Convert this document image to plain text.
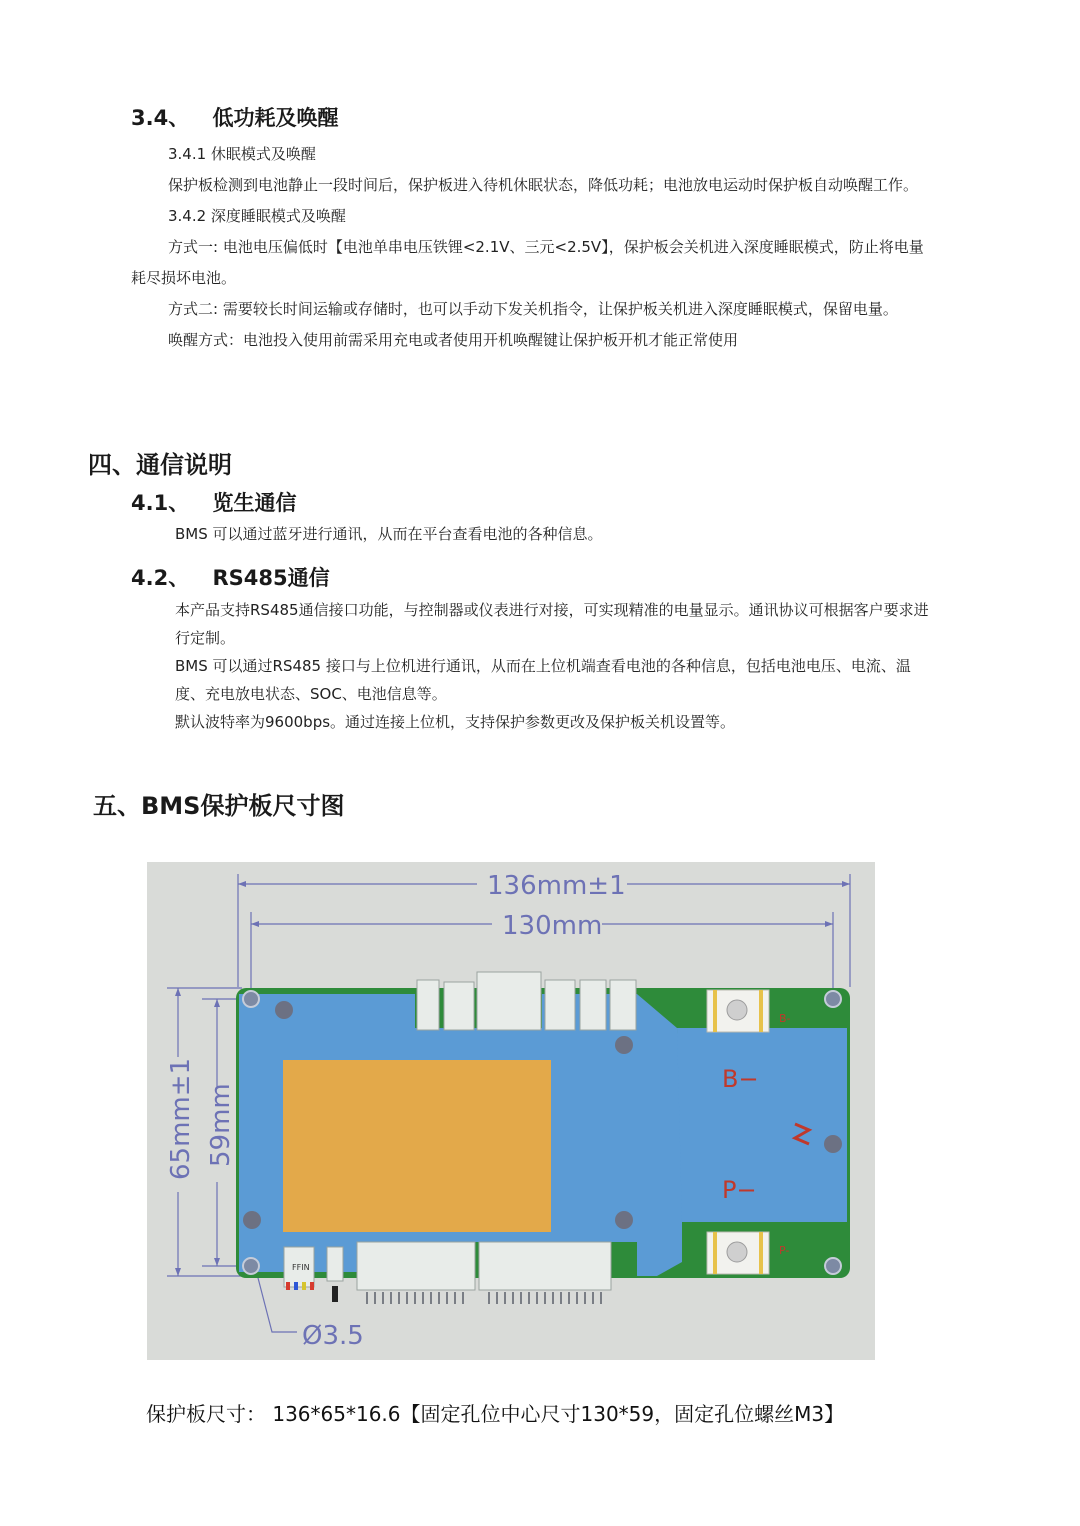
3.4、 低功耗及唤醒
3.4.1 休眠模式及唤醒
保护板检测到电池静止一段时间后，保护板进入待机休眠状态，降低功耗；电池放电运动时保护板自动唤醒工作。
3.4.2 深度睡眠模式及唤醒
方式一: 电池电压偏低时【电池单串电压铁锂<2.1V、三元<2.5V】，保护板会关机进入深度睡眠模式，防止将电量
耗尽损坏电池。
方式二: 需要较长时间运输或存储时，也可以手动下发关机指令，让保护板关机进入深度睡眠模式，保留电量。
唤醒方式：电池投入使用前需采用充电或者使用开机唤醒键让保护板开机才能正常使用
四、通信说明
4.1、 览生通信
BMS 可以通过蓝牙进行通讯，从而在平台查看电池的各种信息。
4.2、 RS485通信
本产品支持RS485通信接口功能，与控制器或仪表进行对接，可实现精准的电量显示。通讯协议可根据客户要求进
行定制。
BMS 可以通过RS485 接口与上位机进行通讯，从而在上位机端查看电池的各种信息，包括电池电压、电流、温
度、充电放电状态、SOC、电池信息等。
默认波特率为9600bps。通过连接上位机，支持保护参数更改及保护板关机设置等。
五、BMS保护板尺寸图
136mm±1
130mm
65mm±1 59mm
Ø3.5
B−
P−
B-
P-
FFIN
保护板尺寸： 136*65*16.6【固定孔位中心尺寸130*59，固定孔位螺丝M3】
